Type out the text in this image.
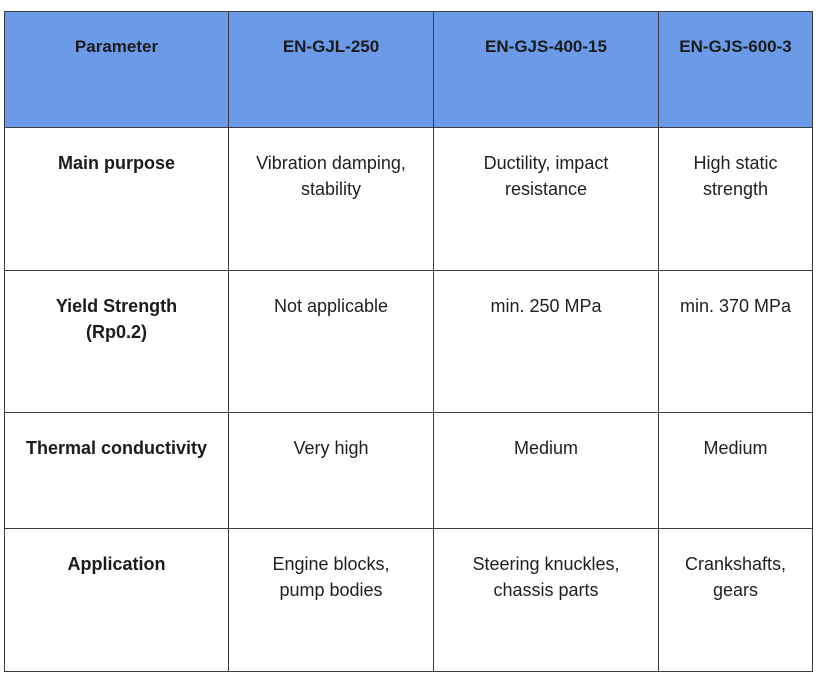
Parameter	EN-GJL-250	EN-GJS-400-15	EN-GJS-600-3

Main purpose	Vibration damping, stability	Ductility, impact resistance	High static strength

Yield Strength (Rp0.2)	Not applicable	min. 250 MPa	min. 370 MPa

Thermal conductivity	Very high	Medium	Medium

Application	Engine blocks, pump bodies	Steering knuckles, chassis parts	Crankshafts, gears
